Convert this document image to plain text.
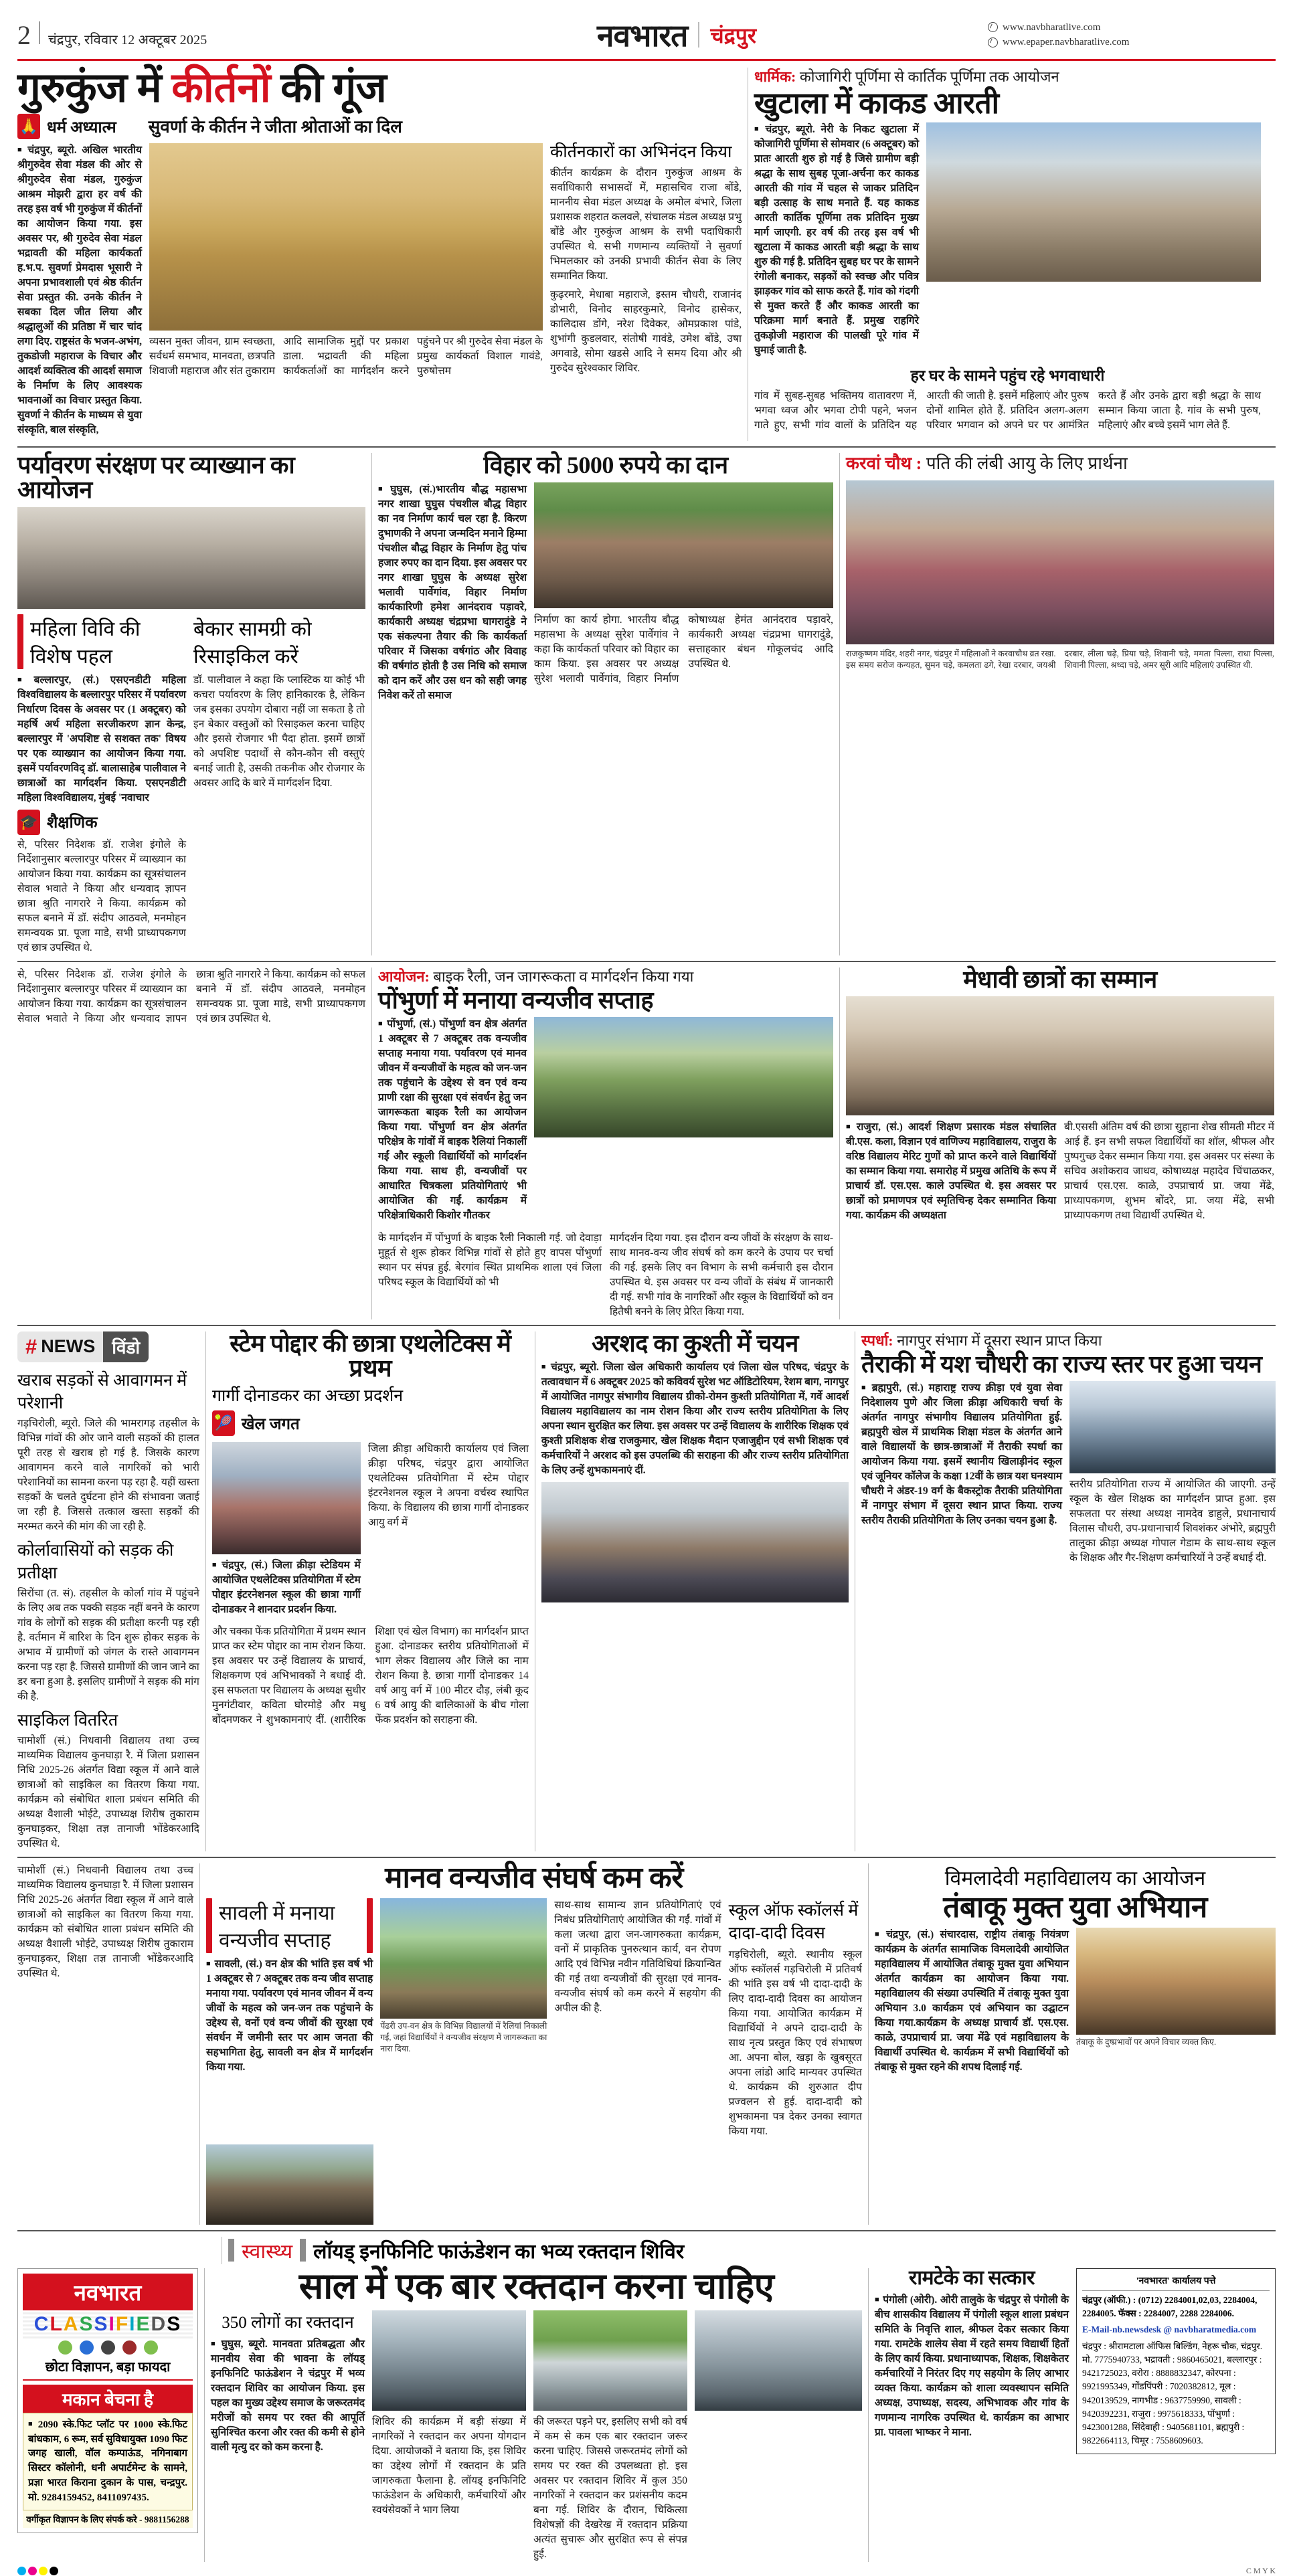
2 चंद्रपुर, रविवार 12 अक्टूबर 2025	नवभारत चंद्रपुर	www.navbharatlive.com
www.epaper.navbharatlive.com
गुरुकुंज में कीर्तनों की गूंज
🙏 धर्म अध्यात्म सुवर्णा के कीर्तन ने जीता श्रोताओं का दिल

■ चंद्रपुर, ब्यूरो. अखिल भारतीय श्रीगुरुदेव सेवा मंडल की ओर से श्रीगुरुदेव सेवा मंडल, गुरुकुंज आश्रम मोझरी द्वारा हर वर्ष की तरह इस वर्ष भी गुरुकुंज में कीर्तनों का आयोजन किया गया. इस अवसर पर, श्री गुरुदेव सेवा मंडल भद्रावती की महिला कार्यकर्ता ह.भ.प. सुवर्णा प्रेमदास भूसारी ने अपना प्रभावशाली एवं श्रेष्ठ कीर्तन सेवा प्रस्तुत की. उनके कीर्तन ने सबका दिल जीत लिया और श्रद्धालुओं की प्रतिष्ठा में चार चांद लगा दिए. राष्ट्रसंत के भजन-अभंग, तुकडोजी महाराज के विचार और आदर्श व्यक्तित्व की आदर्श समाज के निर्माण के लिए आवश्यक भावनाओं का विचार प्रस्तुत किया. सुवर्णा ने कीर्तन के माध्यम से युवा संस्कृति, बाल संस्कृति,

व्यसन मुक्त जीवन, ग्राम स्वच्छता, सर्वधर्म समभाव, मानवता, छत्रपति शिवाजी महाराज और संत तुकाराम आदि सामाजिक मुद्दों पर प्रकाश डाला. भद्रावती की महिला कार्यकर्ताओं का मार्गदर्शन करने पहुंचने पर श्री गुरुदेव सेवा मंडल के प्रमुख कार्यकर्ता विशाल गावंडे, पुरुषोत्तम
कीर्तनकारों का अभिनंदन किया
कीर्तन कार्यक्रम के दौरान गुरुकुंज आश्रम के सर्वाधिकारी सभासदों मेें, महासचिव राजा बोंडे, माननीय सेवा मंडल अध्यक्ष के अमोल बंभारे, जिला प्रशासक शहरात कलवले, संचालक मंडल अध्यक्ष प्रभु बोंडे और गुरुकुंज आश्रम के सभी पदाधिकारी उपस्थित थे. सभी गणमान्य व्यक्तियों ने सुवर्णा भिमलकार को उनकी प्रभावी कीर्तन सेवा के लिए सम्मानित किया.
कुढ़रमारे, मेधाबा महाराजे, इस्तम चौधरी, राजानंद डोभारी, विनोद साहरकुमारे, विनोद हासेकर, कालिदास डोंगे, नरेश दिवेकर, ओमप्रकाश पांडे, शुभांगी कुडलवार, संतोषी गावंडे, उमेश बोंडे, उषा अगवाडे, सोमा खडसे आदि ने समय दिया और श्री गुरुदेव सुरेश्वकार शिविर.
धार्मिक: कोजागिरी पूर्णिमा से कार्तिक पूर्णिमा तक आयोजन
खुटाला में काकड आरती

■ चंद्रपुर, ब्यूरो. नेरी के निकट खुटाला में कोजागिरी पूर्णिमा से सोमवार (6 अक्टूबर) को प्रातः आरती शुरु हो गई है जिसे ग्रामीण बड़ी श्रद्धा के साथ सुबह पूजा-अर्चना कर काकड आरती की गांव में चहल से जाकर प्रतिदिन बड़ी उत्साह के साथ मनाते हैं. यह काकड आरती कार्तिक पूर्णिमा तक प्रतिदिन मुख्य मार्ग जाएगी. हर वर्ष की तरह इस वर्ष भी खुटाला में काकड आरती बड़ी श्रद्धा के साथ शुरु की गई है. प्रतिदिन सुबह घर पर के सामने रंगोली बनाकर, सड़कों को स्वच्छ और पवित्र झाड़कर गांव को साफ करते हैं. गांव को गंदगी से मुक्त करते हैं और काकड आरती का परिक्रमा मार्ग बनाते हैं. प्रमुख राहगिरे तुकड़ोजी महाराज की पालखी पूरे गांव में घुमाई जाती है.

हर घर के सामने पहुंच रहे भगवाधारी
गांव में सुबह-सुबह भक्तिमय वातावरण में, भगवा ध्वज और भगवा टोपी पहने, भजन गाते हुए, सभी गांव वालों के प्रतिदिन यह आरती की जाती है. इसमें महिलाएं और पुरुष दोनों शामिल होते हैं. प्रतिदिन अलग-अलग परिवार भगवान को अपने घर पर आमंत्रित करते हैं और उनके द्वारा बड़ी श्रद्धा के साथ सम्मान किया जाता है. गांव के सभी पुरुष, महिलाएं और बच्चे इसमें भाग लेते हैं.
पर्यावरण संरक्षण पर व्याख्यान का आयोजन
महिला विवि की विशेष पहल

■ बल्लारपुर, (सं.) एसएनडीटी महिला विश्वविद्यालय के बल्लारपुर परिसर में पर्यावरण निर्धारण दिवस के अवसर पर (1 अक्टूबर) को महर्षि अर्थ महिला सरजीकरण ज्ञान केन्द्र, बल्लारपुर में 'अपशिष्ट से सशक्त तक' विषय पर एक व्याख्यान का आयोजन किया गया. इसमें पर्यावरणविद् डॉ. बालासाहेब पालीवाल ने छात्राओं का मार्गदर्शन किया. एसएनडीटी महिला विश्वविद्यालय, मुंबई 'नवाचार

🎓 शैक्षणिक
से, परिसर निदेशक डॉ. राजेश इंगोले के निर्देशानुसार बल्लारपुर परिसर में व्याख्यान का आयोजन किया गया. कार्यक्रम का सूत्रसंचालन सेवाल भवाते ने किया और धन्यवाद ज्ञापन छात्रा श्रुति नागरारे ने किया. कार्यक्रम को सफल बनाने में डॉ. संदीप आठवले, मनमोहन समन्वयक प्रा. पूजा माडे, सभी प्राध्यापकगण एवं छात्र उपस्थित थे.
बेकार सामग्री को रिसाइकिल करें
डॉ. पालीवाल ने कहा कि प्लास्टिक या कोई भी कचरा पर्यावरण के लिए हानिकारक है, लेकिन जब इसका उपयोग दोबारा नहीं जा सकता है तो इन बेकार वस्तुओं को रिसाइकल करना चाहिए और इससे रोजगार भी पैदा होता. इसमें छात्रों को अपशिष्ट पदार्थों से कौन-कौन सी वस्तुएं बनाई जाती है, उसकी तकनीक और रोजगार के अवसर आदि के बारे में मार्गदर्शन दिया.
विहार को 5000 रुपये का दान

■ घुघुस, (सं.)भारतीय बौद्ध महासभा नगर शाखा घुघुस पंचशील बौद्ध विहार का नव निर्माण कार्य चल रहा है. किरण दुभाणकी ने अपना जन्मदिन मनाने हिम्मा पंचशील बौद्ध विहार के निर्माण हेतु पांच हजार रुपए का दान दिया. इस अवसर पर नगर शाखा घुघुस के अध्यक्ष सुरेश भलावी पार्वेगांव, विहार निर्माण कार्यकारिणी हमेश आनंदराव पड़ावरे, कार्यकारी अध्यक्ष चंद्रप्रभा घागरादुंडे ने एक संकल्पना तैयार की कि कार्यकर्ता परिवार में जिसका वर्षगांठ और विवाह की वर्षगांठ होती है उस निधि को समाज को दान करें और उस धन को सही जगह निवेश करें तो समाज

निर्माण का कार्य होगा. भारतीय बौद्ध महासभा के अध्यक्ष सुरेश पार्वेगांव ने कहा कि कार्यकर्ता परिवार को विहार का काम किया. इस अवसर पर अध्यक्ष सुरेश भलावी पार्वेगांव, विहार निर्माण कोषाध्यक्ष हेमंत आनंदराव पड़ावरे, कार्यकारी अध्यक्ष चंद्रप्रभा घागरादुंडे, सत्ताहकार बंधन गोकूलचंद आदि उपस्थित थे.
करवां चौथ : पति की लंबी आयु के लिए प्रार्थना
राजकुष्णम मंदिर, शहरी नगर, चंद्रपुर में महिलाओं ने करवाचौथ व्रत रखा. इस समय सरोज कन्यहत, सुमन चड़े, कमलता ढगे, रेखा दरबार, जयश्री दरबार, लीला चढ़े, प्रिया चड़े, शिवानी चड़े, ममता पिल्ला, राधा पिल्ला, शिवानी पिल्ला, श्रध्दा चड़े, अमर सूरी आदि महिलाएं उपस्थित थी.
से, परिसर निदेशक डॉ. राजेश इंगोले के निर्देशानुसार बल्लारपुर परिसर में व्याख्यान का आयोजन किया गया. कार्यक्रम का सूत्रसंचालन सेवाल भवाते ने किया और धन्यवाद ज्ञापन छात्रा श्रुति नागरारे ने किया. कार्यक्रम को सफल बनाने में डॉ. संदीप आठवले, मनमोहन समन्वयक प्रा. पूजा माडे, सभी प्राध्यापकगण एवं छात्र उपस्थित थे.
आयोजन: बाइक रैली, जन जागरूकता व मार्गदर्शन किया गया
पोंभुर्णा में मनाया वन्यजीव सप्ताह

■ पोंभुर्णा, (सं.) पोंभुर्णा वन क्षेत्र अंतर्गत 1 अक्टूबर से 7 अक्टूबर तक वन्यजीव सप्ताह मनाया गया. पर्यावरण एवं मानव जीवन में वन्यजीवों के महत्व को जन-जन तक पहुंचाने के उद्देश्य से वन एवं वन्य प्राणी रक्षा की सुरक्षा एवं संवर्धन हेतु जन जागरूकता बाइक रैली का आयोजन किया गया. पोंभुर्णा वन क्षेत्र अंतर्गत परिक्षेत्र के गांवों में बाइक रैलियां निकालीं गईं और स्कूली विद्यार्थियों को मार्गदर्शन किया गया. साथ ही, वन्यजीवों पर आधारित चित्रकला प्रतियोगिताएं भी आयोजित की गईं. कार्यक्रम में परिक्षेत्राधिकारी किशोर गौतकर

के मार्गदर्शन में पोंभुर्णा के बाइक रैली निकाली गई. जो देवाड़ा मुहूर्त से शुरू होकर विभिन्न गांवों से होते हुए वापस पोंभुर्णा स्थान पर संपन्न हुई. बेरगांव स्थित प्राथमिक शाला एवं जिला परिषद स्कूल के विद्यार्थियों को भी
मार्गदर्शन दिया गया. इस दौरान वन्य जीवों के संरक्षण के साथ-साथ मानव-वन्य जीव संघर्ष को कम करने के उपाय पर चर्चा की गई. इसके लिए वन विभाग के सभी कर्मचारी इस दौरान उपस्थित थे. इस अवसर पर वन्य जीवों के संबंध में जानकारी दी गई. सभी गांव के नागरिकों और स्कूल के विद्यार्थियों को वन हितैषी बनने के लिए प्रेरित किया गया.
मेधावी छात्रों का सम्मान

■ राजुरा, (सं.) आदर्श शिक्षण प्रसारक मंडल संचालित बी.एस. कला, विज्ञान एवं वाणिज्य महाविद्यालय, राजुरा के वरिष्ठ विद्यालय मेरिट गुणों को प्राप्त करने वाले विद्यार्थियों का सम्मान किया गया. समारोह में प्रमुख अतिथि के रूप में प्राचार्य डॉ. एस.एस. काले उपस्थित थे. इस अवसर पर छात्रों को प्रमाणपत्र एवं स्मृतिचिन्ह देकर सम्मानित किया गया. कार्यक्रम की अध्यक्षता

बी.एससी अंतिम वर्ष की छात्रा सुहाना शेख सीमती मीटर में आई हैं. इन सभी सफल विद्यार्थियों का शॉल, श्रीफल और पुष्पगुच्छ देकर सम्मान किया गया. इस अवसर पर संस्था के सचिव अशोकराव जाधव, कोषाध्यक्ष महादेव चिंचाळकर, प्राचार्य एस.एस. काळे, उपप्राचार्य प्रा. जया मेंढे, प्राध्यापकगण, शुभम बोंदरे, प्रा. जया मेंढे, सभी प्राध्यापकगण तथा विद्यार्थी उपस्थित थे.
# NEWS विंडो
खराब सड़कों से आवागमन में परेशानी

गड़चिरोली, ब्यूरो. जिले की भामरागड़ तहसील के विभिन्न गांवों की ओर जाने वाली सड़कों की हालत पूरी तरह से खराब हो गई है. जिसके कारण आवागमन करने वाले नागरिकों को भारी परेशानियों का सामना करना पड़ रहा है. यहीं खस्ता सड़कों के चलते दुर्घटना होने की संभावना जताई जा रही है. जिससे तत्काल खस्ता सड़कों की मरम्मत करने की मांग की जा रही है.

कोर्लावासियों को सड़क की प्रतीक्षा
सिरोंचा (त. सं). तहसील के कोर्ला गांव में पहुंचने के लिए अब तक पक्की सड़क नहीं बनने के कारण गांव के लोगों को सड़क की प्रतीक्षा करनी पड़ रही है. वर्तमान में बारिश के दिन शुरू होकर सड़क के अभाव में ग्रामीणों को जंगल के रास्ते आवागमन करना पड़ रहा है. जिससे ग्रामीणों की जान जाने का डर बना हुआ है. इसलिए ग्रामीणों ने सड़क की मांग की है.
साइकिल वितरित
चामोर्शी (सं.) निधवानी विद्यालय तथा उच्च माध्यमिक विद्यालय कुनघाड़ा रै. में जिला प्रशासन निधि 2025-26 अंतर्गत विद्या स्कूल में आने वाले छात्राओं को साइकिल का वितरण किया गया. कार्यक्रम को संबोधित शाला प्रबंधन समिति की अध्यक्ष वैशाली भोईटे, उपाध्यक्ष शिरीष तुकाराम कुनघाड़कर, शिक्षा तज्ञ तानाजी भोंडेकरआदि उपस्थित थे.
स्टेम पोद्दार की छात्रा एथलेटिक्स में प्रथम
गार्गी दोनाडकर का अच्छा प्रदर्शन
🎾 खेल जगत

■ चंद्रपुर, (सं.) जिला क्रीड़ा स्टेडियम में आयोजित एथलेटिक्स प्रतियोगिता में स्टेम पोद्दार इंटरनेशनल स्कूल की छात्रा गार्गी दोनाडकर ने शानदार प्रदर्शन किया.

जिला क्रीड़ा अधिकारी कार्यालय एवं जिला क्रीड़ा परिषद, चंद्रपुर द्वारा आयोजित एथलेटिक्स प्रतियोगिता में स्टेम पोद्दार इंटरनेशनल स्कूल ने अपना वर्चस्व स्थापित किया. के विद्यालय की छात्रा गार्गी दोनाडकर आयु वर्ग में
और चक्का फेंक प्रतियोगिता में प्रथम स्थान प्राप्त कर स्टेम पोद्दार का नाम रोशन किया. इस अवसर पर उन्हें विद्यालय के प्राचार्य, शिक्षकगण एवं अभिभावकों ने बधाई दी. इस सफलता पर विद्यालय के अध्यक्ष सुधीर मुनगंटीवार, कविता घोरमोड़े और मधु बोंदमणकर ने शुभकामनाएं दीं. (शारीरिक शिक्षा एवं खेल विभाग) का मार्गदर्शन प्राप्त हुआ. दोनाडकर स्तरीय प्रतियोगिताओं में भाग लेकर विद्यालय और जिले का नाम रोशन किया है. छात्रा गार्गी दोनाडकर 14 वर्ष आयु वर्ग में 100 मीटर दौड़, लंबी कूद 6 वर्ष आयु की बालिकाओं के बीच गोला फेंक प्रदर्शन को सराहना की.
अरशद का कुश्ती में चयन

■ चंद्रपुर, ब्यूरो. जिला खेल अधिकारी कार्यालय एवं जिला खेल परिषद, चंद्रपुर के तत्वावधान में 6 अक्टूबर 2025 को कविवर्य सुरेश भट ऑडिटोरियम, रेशम बाग, नागपुर में आयोजित नागपुर संभागीय विद्यालय ग्रीको-रोमन कुश्ती प्रतियोगिता में, गर्वे आदर्श विद्यालय महाविद्यालय का नाम रोशन किया और राज्य स्तरीय प्रतियोगिता के लिए अपना स्थान सुरक्षित कर लिया. इस अवसर पर उन्हें विद्यालय के शारीरिक शिक्षक एवं कुश्ती प्रशिक्षक शेख राजकुमार, खेल शिक्षक मैदान एजाजुद्दीन एवं सभी शिक्षक एवं कर्मचारियों ने अरशद को इस उपलब्धि की सराहना की और राज्य स्तरीय प्रतियोगिता के लिए उन्हें शुभकामनाएं दीं.

स्पर्धा: नागपुर संभाग में दूसरा स्थान प्राप्त किया
तैराकी में यश चौधरी का राज्य स्तर पर हुआ चयन

■ ब्रह्मपुरी, (सं.) महाराष्ट्र राज्य क्रीड़ा एवं युवा सेवा निदेशालय पुणे और जिला क्रीड़ा अधिकारी चर्चा के अंतर्गत नागपुर संभागीय विद्यालय प्रतियोगिता हुई. ब्रह्मपुरी खेल में प्राथमिक शिक्षा मंडल के अंतर्गत आने वाले विद्यालयों के छात्र-छात्राओं में तैराकी स्पर्धा का आयोजन किया गया. इसमें स्थानीय खिलाड़ीनंद स्कूल एवं जूनियर कॉलेज के कक्षा 12वीं के छात्र यश घनश्याम चौधरी ने अंडर-19 वर्ग के बैकस्ट्रोक तैराकी प्रतियोगिता में नागपुर संभाग में दूसरा स्थान प्राप्त किया. राज्य स्तरीय तैराकी प्रतियोगिता के लिए उनका चयन हुआ है.

स्तरीय प्रतियोगिता राज्य में आयोजित की जाएगी. उन्हें स्कूल के खेल शिक्षक का मार्गदर्शन प्राप्त हुआ. इस सफलता पर संस्था अध्यक्ष नामदेव डाहुले, प्रधानाचार्य विलास चौधरी, उप-प्रधानाचार्य शिवशंकर अंभोरे, ब्रह्मपुरी तालुका क्रीड़ा अध्यक्ष गोपाल गेडाम के साथ-साथ स्कूल के शिक्षक और गैर-शिक्षण कर्मचारियों ने उन्हें बधाई दी.
चामोर्शी (सं.) निधवानी विद्यालय तथा उच्च माध्यमिक विद्यालय कुनघाड़ा रै. में जिला प्रशासन निधि 2025-26 अंतर्गत विद्या स्कूल में आने वाले छात्राओं को साइकिल का वितरण किया गया. कार्यक्रम को संबोधित शाला प्रबंधन समिति की अध्यक्ष वैशाली भोईटे, उपाध्यक्ष शिरीष तुकाराम कुनघाड़कर, शिक्षा तज्ञ तानाजी भोंडेकरआदि उपस्थित थे.
मानव वन्यजीव संघर्ष कम करें
सावली में मनाया वन्यजीव सप्ताह

■ सावली, (सं.) वन क्षेत्र की भांति इस वर्ष भी 1 अक्टूबर से 7 अक्टूबर तक वन्य जीव सप्ताह मनाया गया. पर्यावरण एवं मानव जीवन में वन्य जीवों के महत्व को जन-जन तक पहुंचाने के उद्देश्य से, वनों एवं वन्य जीवों की सुरक्षा एवं संवर्धन में जमीनी स्तर पर आम जनता की सहभागिता हेतु, सावली वन क्षेत्र में मार्गदर्शन किया गया.

पेंढरी उप-वन क्षेत्र के विभिन्न विद्यालयों में रैलियां निकाली गईं, जहां विद्यार्थियों ने वन्यजीव संरक्षण में जागरूकता का नारा दिया.
साथ-साथ सामान्य ज्ञान प्रतियोगिताएं एवं निबंध प्रतियोगिताएं आयोजित की गईं. गांवों में कला जत्था द्वारा जन-जागरुकता कार्यक्रम, वनों में प्राकृतिक पुनरुत्थान कार्य, वन रोपण आदि एवं विभिन्न नवीन गतिविधियां क्रियान्वित की गई तथा वन्यजीवों की सुरक्षा एवं मानव-वन्यजीव संघर्ष को कम करने में सहयोग की अपील की है.
स्कूल ऑफ स्कॉलर्स में दादा-दादी दिवस
गड़चिरोली, ब्यूरो. स्थानीय स्कूल ऑफ स्कॉलर्स गड़चिरोली में प्रतिवर्ष की भांति इस वर्ष भी दादा-दादी के लिए दादा-दादी दिवस का आयोजन किया गया. आयोजित कार्यक्रम में विद्यार्थियों ने अपने दादा-दादी के साथ नृत्य प्रस्तुत किए एवं संभाषण आ. अपना बोल, खड़ा के खुबसूरत अपना लांडो आदि मान्यवर उपस्थित थे. कार्यक्रम की शुरुआत दीप प्रज्वलन से हुई. दादा-दादी को शुभकामना पत्र देकर उनका स्वागत किया गया.
विमलादेवी महाविद्यालय का आयोजन
तंबाकू मुक्त युवा अभियान

■ चंद्रपुर, (सं.) संचारदास, राष्ट्रीय तंबाकू नियंत्रण कार्यक्रम के अंतर्गत सामाजिक विमलादेवी आयोजित महाविद्यालय में आयोजित तंबाकू मुक्त युवा अभियान अंतर्गत कार्यक्रम का आयोजन किया गया. महाविद्यालय की संख्या उपस्थिति में तंबाकू मुक्त युवा अभियान 3.0 कार्यक्रम एवं अभियान का उद्घाटन किया गया.कार्यक्रम के अध्यक्ष प्राचार्य डॉ. एस.एस. काळे, उपप्राचार्य प्रा. जया मेंढे एवं महाविद्यालय के विद्यार्थी उपस्थित थे. कार्यक्रम में सभी विद्यार्थियों को तंबाकू से मुक्त रहने की शपथ दिलाई गई.

तंबाकू के दुष्प्रभावों पर अपने विचार व्यक्त किए.
स्वास्थ्य लॉयड् इनफिनिटि फाऊंडेशन का भव्य रक्तदान शिविर
नवभारत
CLASSIFIEDS
छोटा विज्ञापन, बड़ा फायदा
मकान बेचना है
■ 2090 स्के.फिट प्लॉट पर 1000 स्के.फिट बांधकाम, 6 रूम, सर्व सुविधायुक्त 1090 फिट जगह खाली, वॉल कम्पाऊंड, नगिनाबाग सिस्टर कॉलोनी, धनी अपार्टमेन्ट के सामने, प्रज्ञा भारत किराना दुकान के पास, चन्द्रपुर. मो. 9284159452, 8411097435.
वर्गीकृत विज्ञापन के लिए संपर्क करे - 9881156288
साल में एक बार रक्तदान करना चाहिए
350 लोगों का रक्तदान

■ घुघुस, ब्यूरो. मानवता प्रतिबद्धता और मानवीय सेवा की भावना के लॉयड् इनफिनिटि फाऊंडेशन ने चंद्रपुर में भव्य रक्तदान शिविर का आयोजन किया. इस पहल का मुख्य उद्देश्य समाज के जरूरतमंद मरीजों को समय पर रक्त की आपूर्ति सुनिश्चित करना और रक्त की कमी से होने वाली मृत्यु दर को कम करना है.

शिविर की कार्यक्रम में बड़ी संख्या में नागरिकों ने रक्तदान कर अपना योगदान दिया. आयोजकों ने बताया कि, इस शिविर का उद्देश्य लोगों में रक्तदान के प्रति जागरुकता फैलाना है. लॉयड् इनफिनिटि फाऊंडेशन के अधिकारी, कर्मचारियों और स्वयंसेवकों ने भाग लिया
की जरूरत पड़ने पर, इसलिए सभी को वर्ष में कम से कम एक बार रक्तदान जरूर करना चाहिए. जिससे जरूरतमंद लोगों को समय पर रक्त की उपलब्धता हो. इस अवसर पर रक्तदान शिविर में कुल 350 नागरिकों ने रक्तदान कर प्रशंसनीय कदम बना गई. शिविर के दौरान, चिकित्सा विशेषज्ञों की देखरेख में रक्तदान प्रक्रिया अत्यंत सुचारू और सुरक्षित रूप से संपन्न हुई.
रामटेके का सत्कार

■ पंगोली (ओरी). ओरी तालुके के चंद्रपुर से पंगोली के बीच शासकीय विद्यालय में पंगोली स्कूल शाला प्रबंधन समिति के निवृत्ति शाल, श्रीफल देकर सत्कार किया गया. रामटेके शालेय सेवा में रहते समय विद्यार्थी हितों के लिए कार्य किया. प्रधानाध्यापक, शिक्षक, शिक्षकेतर कर्मचारियों ने निरंतर दिए गए सहयोग के लिए आभार व्यक्त किया. कार्यक्रम को शाला व्यवस्थापन समिति अध्यक्ष, उपाध्यक्ष, सदस्य, अभिभावक और गांव के गणमान्य नागरिक उपस्थित थे. कार्यक्रम का आभार प्रा. पावला भाष्कर ने माना.

'नवभारत' कार्यालय पत्ते
चंद्रपुर (ऑफी.) : (0712) 2284001,02,03, 2284004, 2284005. फॅक्स : 2284007, 2288 2284006.
E-Mail-nb.newsdesk @ navbharatmedia.com
चंद्रपुर : श्रीरामटाला ऑफिस बिल्डिंग, नेहरू चौक, चंद्रपुर. मो. 7775940733, भद्रावती : 9860465021, बल्लारपुर : 9421725023, वरोरा : 8888832347, कोरपना : 9921995349, गोंडपिंपरी : 7020382812, मूल : 9420139529, नागभीड : 9637759990, सावली : 9420392231, राजुरा : 9975618333, पोंभुर्णा : 9423001288, सिंदेवाही : 9405681101, ब्रह्मपुरी : 9822664113, चिमूर : 7558609603.
C M Y K
